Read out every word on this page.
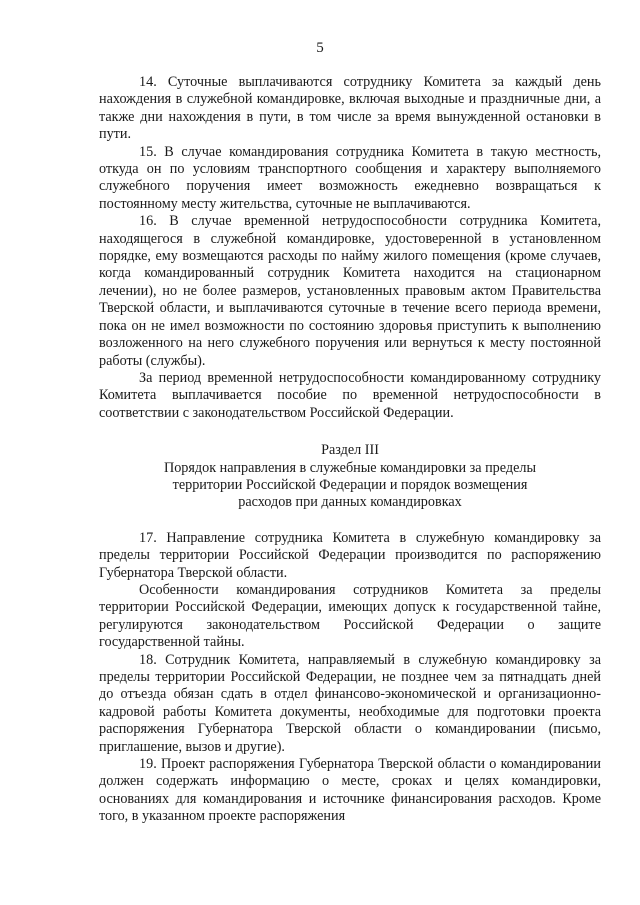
5

14. Суточные выплачиваются сотруднику Комитета за каждый день нахождения в служебной командировке, включая выходные и праздничные дни, а также дни нахождения в пути, в том числе за время вынужденной остановки в пути.

15. В случае командирования сотрудника Комитета в такую местность, откуда он по условиям транспортного сообщения и характеру выполняемого служебного поручения имеет возможность ежедневно возвращаться к постоянному месту жительства, суточные не выплачиваются.

16. В случае временной нетрудоспособности сотрудника Комитета, находящегося в служебной командировке, удостоверенной в установленном порядке, ему возмещаются расходы по найму жилого помещения (кроме случаев, когда командированный сотрудник Комитета находится на стационарном лечении), но не более размеров, установленных правовым актом Правительства Тверской области, и выплачиваются суточные в течение всего периода времени, пока он не имел возможности по состоянию здоровья приступить к выполнению возложенного на него служебного поручения или вернуться к месту постоянной работы (службы).

За период временной нетрудоспособности командированному сотруднику Комитета выплачивается пособие по временной нетрудоспособности в соответствии с законодательством Российской Федерации.

Раздел III

Порядок направления в служебные командировки за пределы

территории Российской Федерации и порядок возмещения

расходов при данных командировках

17. Направление сотрудника Комитета в служебную командировку за пределы территории Российской Федерации производится по распоряжению Губернатора Тверской области.

Особенности командирования сотрудников Комитета за пределы территории Российской Федерации, имеющих допуск к государственной тайне, регулируются законодательством Российской Федерации о защите государственной тайны.

18. Сотрудник Комитета, направляемый в служебную командировку за пределы территории Российской Федерации, не позднее чем за пятнадцать дней до отъезда обязан сдать в отдел финансово-экономической и организационно-кадровой работы Комитета документы, необходимые для подготовки проекта распоряжения Губернатора Тверской области о командировании (письмо, приглашение, вызов и другие).

19. Проект распоряжения Губернатора Тверской области о командировании должен содержать информацию о месте, сроках и целях командировки, основаниях для командирования и источнике финансирования расходов. Кроме того, в указанном проекте распоряжения
